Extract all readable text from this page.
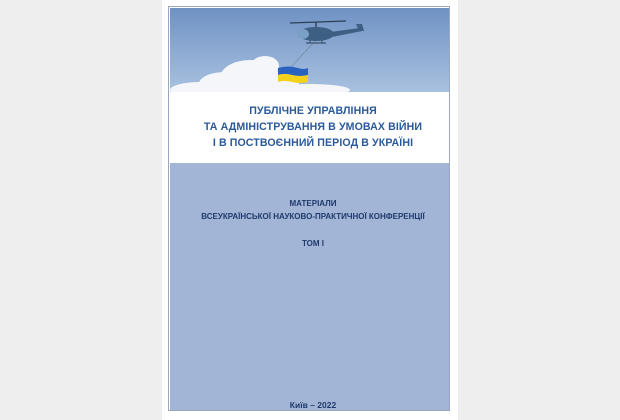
ПУБЛІЧНЕ УПРАВЛІННЯ
ТА АДМІНІСТРУВАННЯ В УМОВАХ ВІЙНИ
І В ПОСТВОЄННИЙ ПЕРІОД В УКРАЇНІ
МАТЕРІАЛИ
ВСЕУКРАЇНСЬКОЇ НАУКОВО-ПРАКТИЧНОЇ КОНФЕРЕНЦІЇ
ТОМ І
Київ – 2022
